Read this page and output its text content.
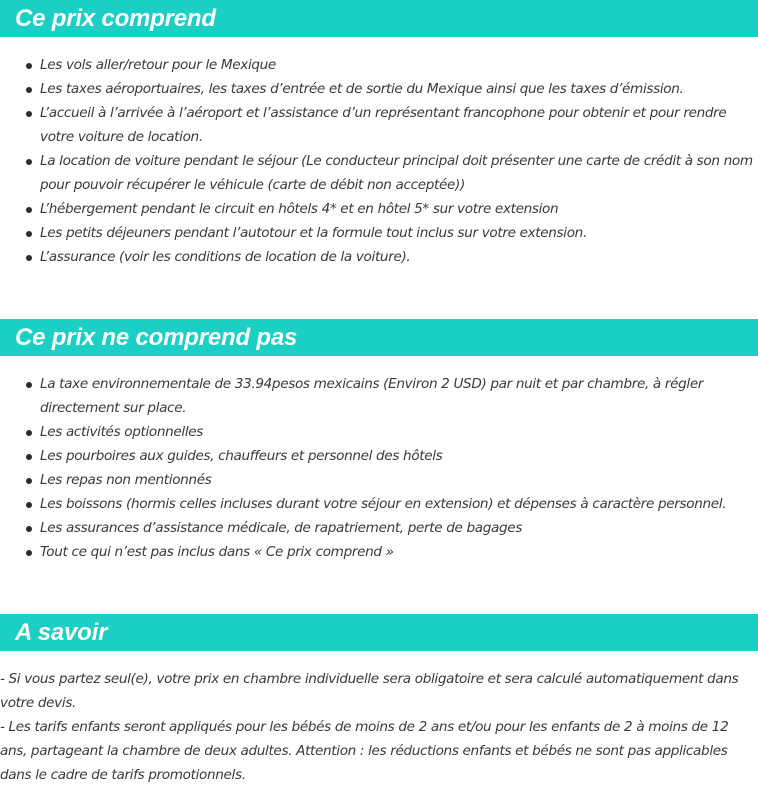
Ce prix comprend
Les vols aller/retour pour le Mexique
Les taxes aéroportuaires, les taxes d’entrée et de sortie du Mexique ainsi que les taxes d’émission.
L’accueil à l’arrivée à l’aéroport et l’assistance d’un représentant francophone pour obtenir et pour rendre votre voiture de location.
La location de voiture pendant le séjour (Le conducteur principal doit présenter une carte de crédit à son nom pour pouvoir récupérer le véhicule (carte de débit non acceptée))
L’hébergement pendant le circuit en hôtels 4* et en hôtel 5* sur votre extension
Les petits déjeuners pendant l’autotour et la formule tout inclus sur votre extension.
L’assurance (voir les conditions de location de la voiture).
Ce prix ne comprend pas
La taxe environnementale de 33.94pesos mexicains (Environ 2 USD) par nuit et par chambre, à régler directement sur place.
Les activités optionnelles
Les pourboires aux guides, chauffeurs et personnel des hôtels
Les repas non mentionnés
Les boissons (hormis celles incluses durant votre séjour en extension) et dépenses à caractère personnel.
Les assurances d’assistance médicale, de rapatriement, perte de bagages
Tout ce qui n’est pas inclus dans « Ce prix comprend »
A savoir

- Si vous partez seul(e), votre prix en chambre individuelle sera obligatoire et sera calculé automatiquement dans votre devis.

- Les tarifs enfants seront appliqués pour les bébés de moins de 2 ans et/ou pour les enfants de 2 à moins de 12 ans, partageant la chambre de deux adultes. Attention : les réductions enfants et bébés ne sont pas applicables dans le cadre de tarifs promotionnels.
